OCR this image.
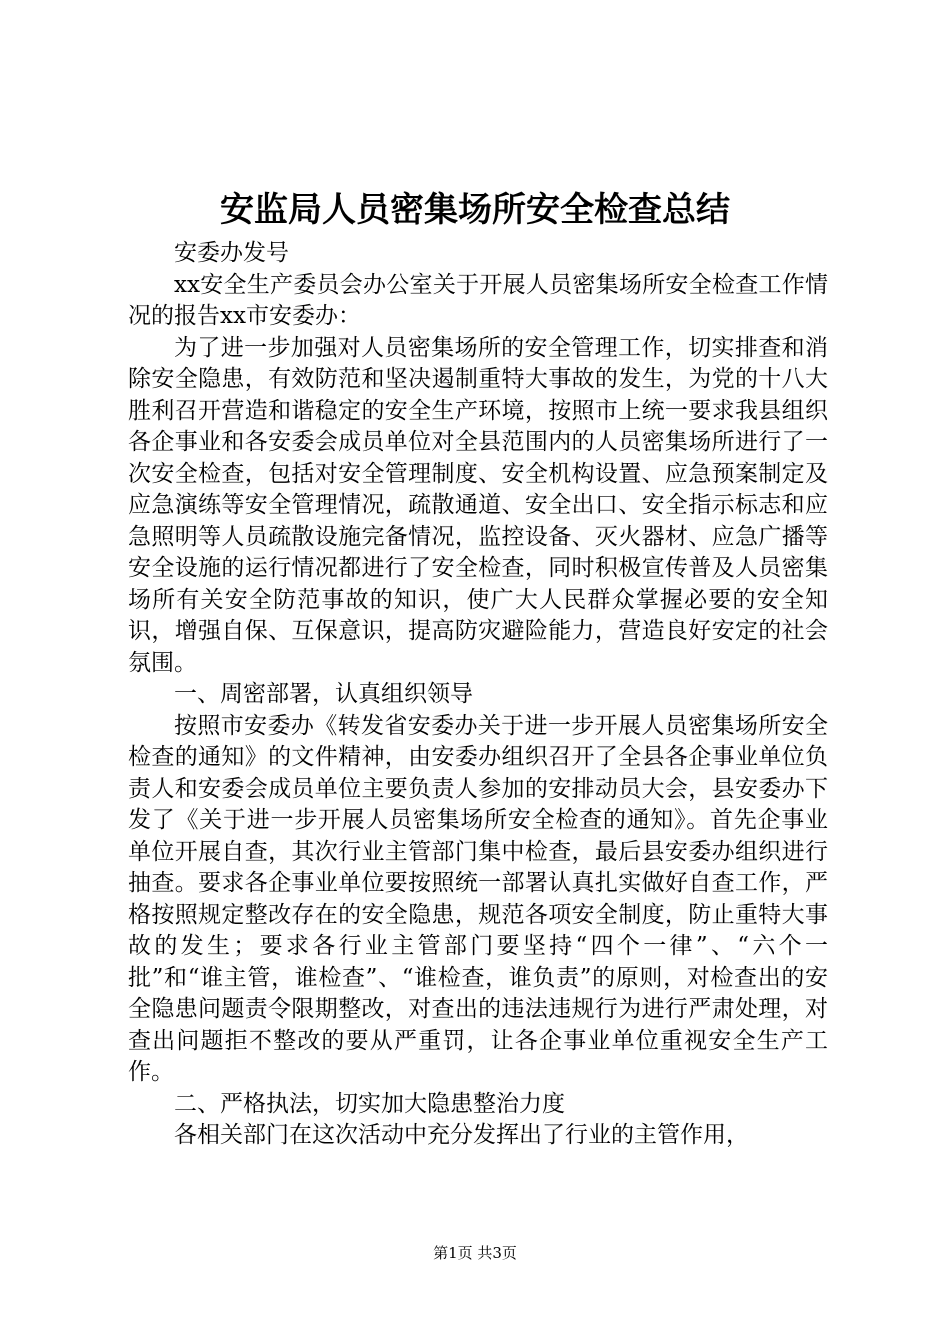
安监局人员密集场所安全检查总结

安委办发号

xx安全生产委员会办公室关于开展人员密集场所安全检查工作情况的报告xx市安委办：

为了进一步加强对人员密集场所的安全管理工作，切实排查和消除安全隐患，有效防范和坚决遏制重特大事故的发生，为党的十八大胜利召开营造和谐稳定的安全生产环境，按照市上统一要求我县组织各企事业和各安委会成员单位对全县范围内的人员密集场所进行了一次安全检查，包括对安全管理制度、安全机构设置、应急预案制定及应急演练等安全管理情况，疏散通道、安全出口、安全指示标志和应急照明等人员疏散设施完备情况，监控设备、灭火器材、应急广播等安全设施的运行情况都进行了安全检查，同时积极宣传普及人员密集场所有关安全防范事故的知识，使广大人民群众掌握必要的安全知识，增强自保、互保意识，提高防灾避险能力，营造良好安定的社会氛围。

一、周密部署，认真组织领导

按照市安委办《转发省安委办关于进一步开展人员密集场所安全检查的通知》的文件精神，由安委办组织召开了全县各企事业单位负责人和安委会成员单位主要负责人参加的安排动员大会，县安委办下发了《关于进一步开展人员密集场所安全检查的通知》。首先企事业单位开展自查，其次行业主管部门集中检查，最后县安委办组织进行抽查。要求各企事业单位要按照统一部署认真扎实做好自查工作，严格按照规定整改存在的安全隐患，规范各项安全制度，防止重特大事故的发生；要求各行业主管部门要坚持“四个一律”、“六个一批”和“谁主管，谁检查”、“谁检查，谁负责”的原则，对检查出的安全隐患问题责令限期整改，对查出的违法违规行为进行严肃处理，对查出问题拒不整改的要从严重罚，让各企事业单位重视安全生产工作。

二、严格执法，切实加大隐患整治力度

各相关部门在这次活动中充分发挥出了行业的主管作用，

第1页 共3页
